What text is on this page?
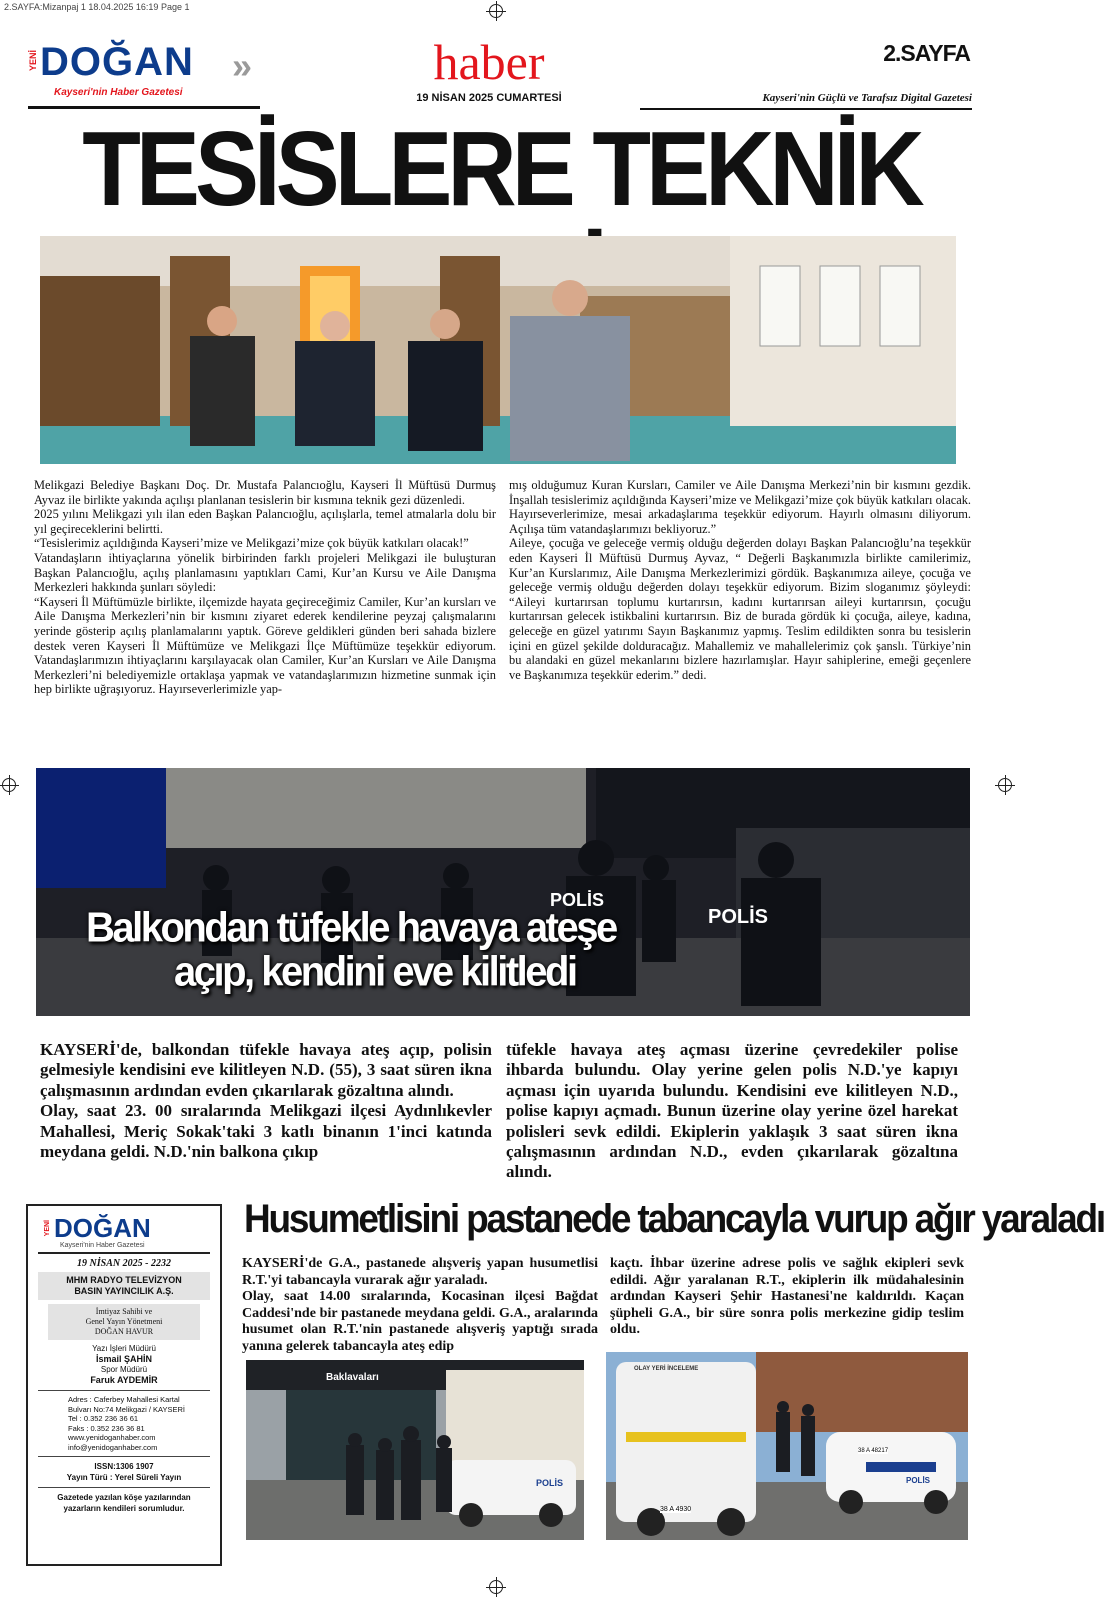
2.SAYFA:Mizanpaj 1 18.04.2025 16:19 Page 1
YENİ DOĞAN »
Kayseri'nin Haber Gazetesi
haber
19 NİSAN 2025 CUMARTESİ
2.SAYFA
Kayseri'nin Güçlü ve Tarafsız Digital Gazetesi
TESİSLERE TEKNİK

Melikgazi Belediye Başkanı Doç. Dr. Mustafa Palancıoğlu, Kayseri İl Müftüsü Durmuş Ayvaz ile birlikte yakında açılışı planlanan tesislerin bir kısmına teknik gezi düzenledi.

2025 yılını Melikgazi yılı ilan eden Başkan Palancıoğlu, açılışlarla, temel atmalarla dolu bir yıl geçireceklerini belirtti.

“Tesislerimiz açıldığında Kayseri’mize ve Melikgazi’mize çok büyük katkıları olacak!”

Vatandaşların ihtiyaçlarına yönelik birbirinden farklı projeleri Melikgazi ile buluşturan Başkan Palancıoğlu, açılış planlamasını yaptıkları Cami, Kur’an Kursu ve Aile Danışma Merkezleri hakkında şunları söyledi:

“Kayseri İl Müftümüzle birlikte, ilçemizde hayata geçireceğimiz Camiler, Kur’an kursları ve Aile Danışma Merkezleri’nin bir kısmını ziyaret ederek kendilerine peyzaj çalışmalarını yerinde gösterip açılış planlamalarını yaptık. Göreve geldikleri günden beri sahada bizlere destek veren Kayseri İl Müftümüze ve Melikgazi İlçe Müftümüze teşekkür ediyorum. Vatandaşlarımızın ihtiyaçlarını karşılayacak olan Camiler, Kur’an Kursları ve Aile Danışma Merkezleri’ni belediyemizle ortaklaşa yapmak ve vatandaşlarımızın hizmetine sunmak için hep birlikte uğraşıyoruz. Hayırseverlerimizle yap-

mış olduğumuz Kuran Kursları, Camiler ve Aile Danışma Merkezi’nin bir kısmını gezdik. İnşallah tesislerimiz açıldığında Kayseri’mize ve Melikgazi’mize çok büyük katkıları olacak. Hayırseverlerimize, mesai arkadaşlarıma teşekkür ediyorum. Hayırlı olmasını diliyorum. Açılışa tüm vatandaşlarımızı bekliyoruz.”

Aileye, çocuğa ve geleceğe vermiş olduğu değerden dolayı Başkan Palancıoğlu’na teşekkür eden Kayseri İl Müftüsü Durmuş Ayvaz, “ Değerli Başkanımızla birlikte camilerimiz, Kur’an Kurslarımız, Aile Danışma Merkezlerimizi gördük. Başkanımıza aileye, çocuğa ve geleceğe vermiş olduğu değerden dolayı teşekkür ediyorum. Bizim sloganımız şöyleydi: “Aileyi kurtarırsan toplumu kurtarırsın, kadını kurtarırsan aileyi kurtarırsın, çocuğu kurtarırsan gelecek istikbalini kurtarırsın. Biz de burada gördük ki çocuğa, aileye, kadına, geleceğe en güzel yatırımı Sayın Başkanımız yapmış. Teslim edildikten sonra bu tesislerin içini en güzel şekilde dolduracağız. Mahallemiz ve mahallelerimiz çok şanslı. Türkiye’nin bu alandaki en güzel mekanlarını bizlere hazırlamışlar. Hayır sahiplerine, emeği geçenlere ve Başkanımıza teşekkür ederim.” dedi.

POLİS
POLİS
Balkondan tüfekle havaya ateşe
açıp, kendini eve kilitledi

KAYSERİ'de, balkondan tüfekle havaya ateş açıp, polisin gelmesiyle kendisini eve kilitleyen N.D. (55), 3 saat süren ikna çalışmasının ardından evden çıkarılarak gözaltına alındı.

Olay, saat 23. 00 sıralarında Melikgazi ilçesi Aydınlıkevler Mahallesi, Meriç Sokak'taki 3 katlı binanın 1'inci katında meydana geldi. N.D.'nin balkona çıkıp

tüfekle havaya ateş açması üzerine çevredekiler polise ihbarda bulundu. Olay yerine gelen polis N.D.'ye kapıyı açması için uyarıda bulundu. Kendisini eve kilitleyen N.D., polise kapıyı açmadı. Bunun üzerine olay yerine özel harekat polisleri sevk edildi. Ekiplerin yaklaşık 3 saat süren ikna çalışmasının ardından N.D., evden çıkarılarak gözaltına alındı.

YENİ DOĞAN
Kayseri'nin Haber Gazetesi
19 NİSAN 2025 - 2232
MHM RADYO TELEVİZYON
BASIN YAYINCILIK A.Ş.
İmtiyaz Sahibi ve
Genel Yayın Yönetmeni
DOĞAN HAVUR
Yazı İşleri Müdürü
İsmail ŞAHİN
Spor Müdürü
Faruk AYDEMİR
Adres : Caferbey Mahallesi Kartal
Bulvarı No:74 Melikgazi / KAYSERİ
Tel : 0.352 236 36 61
Faks : 0.352 236 36 81
www.yenidoganhaber.com
info@yenidoganhaber.com
ISSN:1306 1907
Yayın Türü : Yerel Süreli Yayın
Gazetede yazılan köşe yazılarından
yazarların kendileri sorumludur.
Husumetlisini pastanede tabancayla vurup ağır yaraladı

KAYSERİ'de G.A., pastanede alışveriş yapan husumetlisi R.T.'yi tabancayla vurarak ağır yaraladı.

Olay, saat 14.00 sıralarında, Kocasinan ilçesi Bağdat Caddesi'nde bir pastanede meydana geldi. G.A., aralarında husumet olan R.T.'nin pastanede alışveriş yaptığı sırada yanına gelerek tabancayla ateş edip

kaçtı. İhbar üzerine adrese polis ve sağlık ekipleri sevk edildi. Ağır yaralanan R.T., ekiplerin ilk müdahalesinin ardından Kayseri Şehir Hastanesi'ne kaldırıldı. Kaçan şüpheli G.A., bir süre sonra polis merkezine gidip teslim oldu.

Baklavaları
POLİS
OLAY YERİ İNCELEME
38 A 4930
38 A 48217
POLİS
